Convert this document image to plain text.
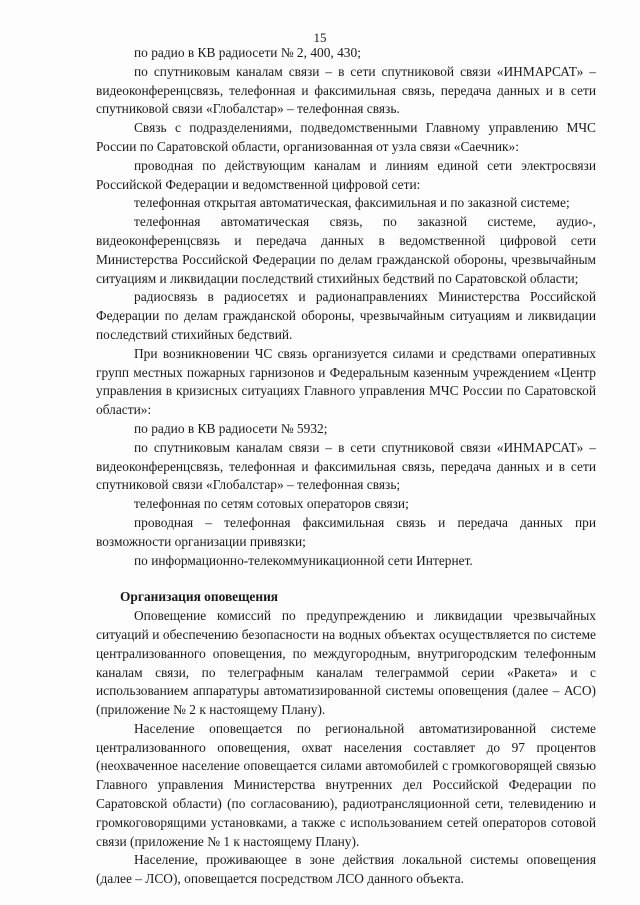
15

по радио в КВ радиосети № 2, 400, 430;

по спутниковым каналам связи – в сети спутниковой связи «ИНМАРСАТ» – видеоконференцсвязь, телефонная и факсимильная связь, передача данных и в сети спутниковой связи «Глобалстар» – телефонная связь.

Связь с подразделениями, подведомственными Главному управлению МЧС России по Саратовской области, организованная от узла связи «Саечник»:

проводная по действующим каналам и линиям единой сети электросвязи Российской Федерации и ведомственной цифровой сети:

телефонная открытая автоматическая, факсимильная и по заказной системе;

телефонная автоматическая связь, по заказной системе, аудио-, видеоконференцсвязь и передача данных в ведомственной цифровой сети Министерства Российской Федерации по делам гражданской обороны, чрезвычайным ситуациям и ликвидации последствий стихийных бедствий по Саратовской области;

радиосвязь в радиосетях и радионаправлениях Министерства Российской Федерации по делам гражданской обороны, чрезвычайным ситуациям и ликвидации последствий стихийных бедствий.

При возникновении ЧС связь организуется силами и средствами оперативных групп местных пожарных гарнизонов и Федеральным казенным учреждением «Центр управления в кризисных ситуациях Главного управления МЧС России по Саратовской области»:

по радио в КВ радиосети № 5932;

по спутниковым каналам связи – в сети спутниковой связи «ИНМАРСАТ» – видеоконференцсвязь, телефонная и факсимильная связь, передача данных и в сети спутниковой связи «Глобалстар» – телефонная связь;

телефонная по сетям сотовых операторов связи;

проводная – телефонная факсимильная связь и передача данных при возможности организации привязки;

по информационно-телекоммуникационной сети Интернет.

Организация оповещения

Оповещение комиссий по предупреждению и ликвидации чрезвычайных ситуаций и обеспечению безопасности на водных объектах осуществляется по системе централизованного оповещения, по междугородным, внутригородским телефонным каналам связи, по телеграфным каналам телеграммой серии «Ракета» и с использованием аппаратуры автоматизированной системы оповещения (далее – АСО) (приложение № 2 к настоящему Плану).

Население оповещается по региональной автоматизированной системе централизованного оповещения, охват населения составляет до 97 процентов (неохваченное население оповещается силами автомобилей с громкоговорящей связью Главного управления Министерства внутренних дел Российской Федерации по Саратовской области) (по согласованию), радиотрансляционной сети, телевидению и громкоговорящими установками, а также с использованием сетей операторов сотовой связи (приложение № 1 к настоящему Плану).

Население, проживающее в зоне действия локальной системы оповещения (далее – ЛСО), оповещается посредством ЛСО данного объекта.
